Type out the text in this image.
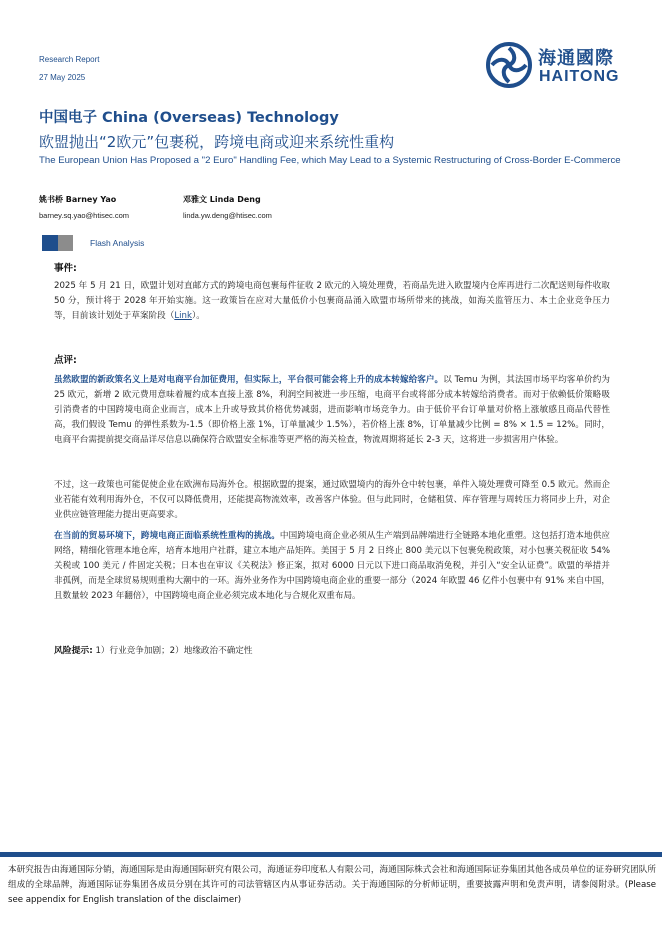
Research Report
27 May 2025
海通國際
HAITONG
中国电子 China (Overseas) Technology
欧盟抛出“2欧元”包裹税，跨境电商或迎来系统性重构
The European Union Has Proposed a "2 Euro" Handling Fee, which May Lead to a Systemic Restructuring of Cross-Border E-Commerce
姚书桥 Barney Yao
barney.sq.yao@htisec.com
邓雅文 Linda Deng
linda.yw.deng@htisec.com
Flash Analysis
事件:
2025 年 5 月 21 日，欧盟计划对直邮方式的跨境电商包裹每件征收 2 欧元的入境处理费，若商品先进入欧盟境内仓库再进行二次配送则每件收取 50 分，预计将于 2028 年开始实施。这一政策旨在应对大量低价小包裹商品涌入欧盟市场所带来的挑战，如海关监管压力、本土企业竞争压力等，目前该计划处于草案阶段（Link）。
点评:
虽然欧盟的新政策名义上是对电商平台加征费用，但实际上，平台很可能会将上升的成本转嫁给客户。以 Temu 为例，其法国市场平均客单价约为 25 欧元，新增 2 欧元费用意味着履约成本直接上涨 8%，利润空间被进一步压缩，电商平台或将部分成本转嫁给消费者。而对于依赖低价策略吸引消费者的中国跨境电商企业而言，成本上升或导致其价格优势减弱，进而影响市场竞争力。由于低价平台订单量对价格上涨敏感且商品代替性高，我们假设 Temu 的弹性系数为-1.5（即价格上涨 1%，订单量减少 1.5%），若价格上涨 8%，订单量减少比例 = 8% × 1.5 = 12%。同时，电商平台需提前提交商品详尽信息以确保符合欧盟安全标准等更严格的海关检查，物流周期将延长 2-3 天，这将进一步损害用户体验。
不过，这一政策也可能促使企业在欧洲布局海外仓。根据欧盟的提案，通过欧盟境内的海外仓中转包裹，单件入境处理费可降至 0.5 欧元。然而企业若能有效利用海外仓，不仅可以降低费用，还能提高物流效率，改善客户体验。但与此同时，仓储租赁、库存管理与周转压力将同步上升，对企业供应链管理能力提出更高要求。
在当前的贸易环境下，跨境电商正面临系统性重构的挑战。中国跨境电商企业必须从生产端到品牌端进行全链路本地化重塑。这包括打造本地供应网络，精细化管理本地仓库，培育本地用户社群，建立本地产品矩阵。美国于 5 月 2 日终止 800 美元以下包裹免税政策，对小包裹关税征收 54%关税或 100 美元 / 件固定关税；日本也在审议《关税法》修正案，拟对 6000 日元以下进口商品取消免税，并引入“安全认证费”。欧盟的举措并非孤例，而是全球贸易规则重构大潮中的一环。海外业务作为中国跨境电商企业的重要一部分（2024 年欧盟 46 亿件小包裹中有 91% 来自中国，且数量较 2023 年翻倍），中国跨境电商企业必须完成本地化与合规化双重布局。
风险提示: 1）行业竞争加剧；2）地缘政治不确定性
本研究报告由海通国际分销，海通国际是由海通国际研究有限公司，海通证券印度私人有限公司，海通国际株式会社和海通国际证券集团其他各成员单位的证券研究团队所组成的全球品牌，海通国际证券集团各成员分别在其许可的司法管辖区内从事证券活动。关于海通国际的分析师证明，重要披露声明和免责声明，请参阅附录。(Please see appendix for English translation of the disclaimer)
